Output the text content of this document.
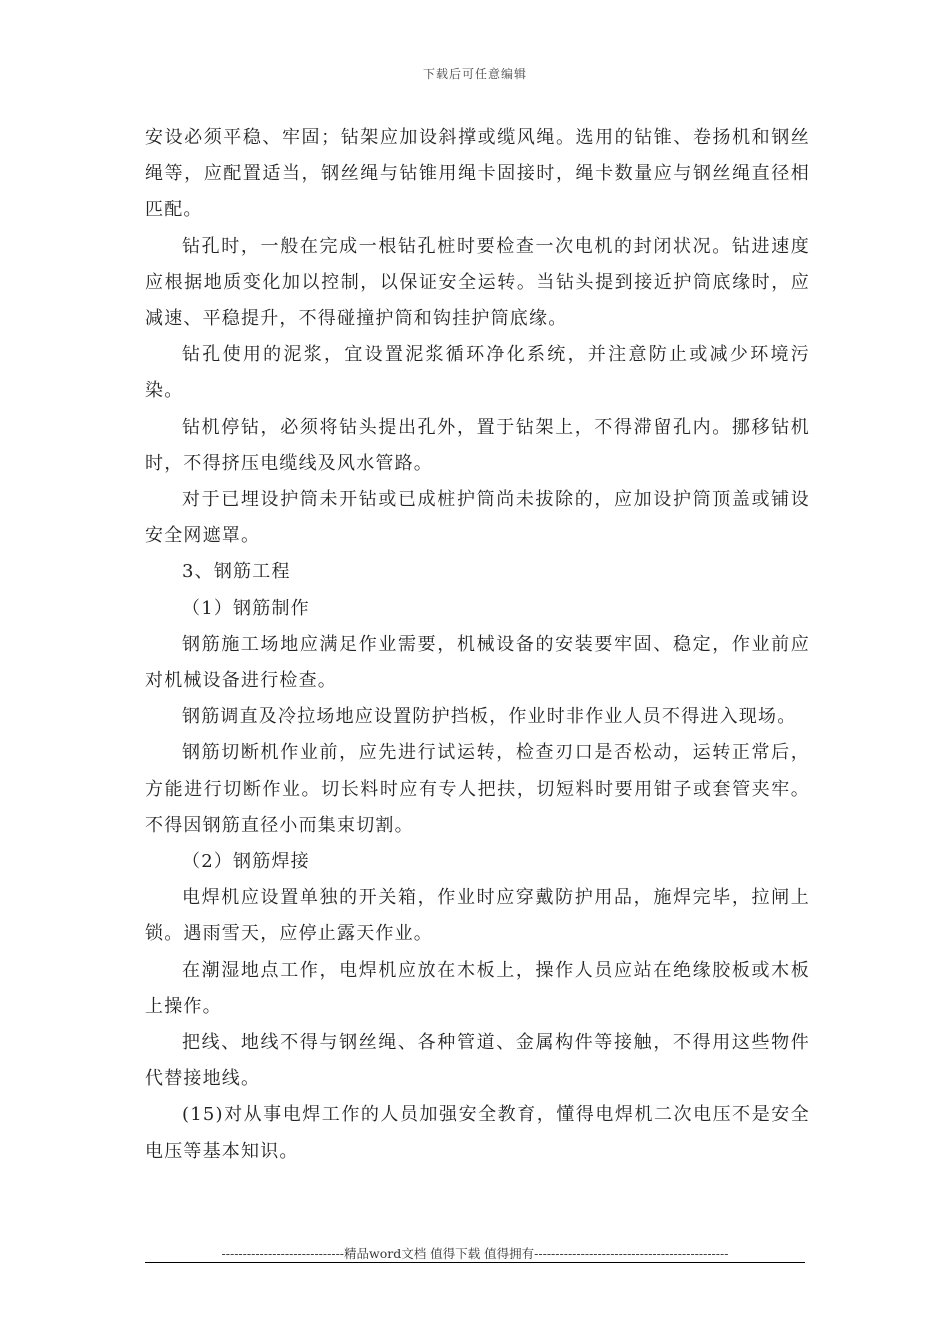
下载后可任意编辑

安设必须平稳、牢固；钻架应加设斜撑或缆风绳。选用的钻锥、卷扬机和钢丝绳等，应配置适当，钢丝绳与钻锥用绳卡固接时，绳卡数量应与钢丝绳直径相匹配。

钻孔时，一般在完成一根钻孔桩时要检查一次电机的封闭状况。钻进速度应根据地质变化加以控制，以保证安全运转。当钻头提到接近护筒底缘时，应减速、平稳提升，不得碰撞护筒和钩挂护筒底缘。

钻孔使用的泥浆，宜设置泥浆循环净化系统，并注意防止或减少环境污染。

钻机停钻，必须将钻头提出孔外，置于钻架上，不得滞留孔内。挪移钻机时，不得挤压电缆线及风水管路。

对于已埋设护筒未开钻或已成桩护筒尚未拔除的，应加设护筒顶盖或铺设安全网遮罩。

3、钢筋工程

（1）钢筋制作

钢筋施工场地应满足作业需要，机械设备的安装要牢固、稳定，作业前应对机械设备进行检查。

钢筋调直及冷拉场地应设置防护挡板，作业时非作业人员不得进入现场。

钢筋切断机作业前，应先进行试运转，检查刃口是否松动，运转正常后，方能进行切断作业。切长料时应有专人把扶，切短料时要用钳子或套管夹牢。不得因钢筋直径小而集束切割。

（2）钢筋焊接

电焊机应设置单独的开关箱，作业时应穿戴防护用品，施焊完毕，拉闸上锁。遇雨雪天，应停止露天作业。

在潮湿地点工作，电焊机应放在木板上，操作人员应站在绝缘胶板或木板上操作。

把线、地线不得与钢丝绳、各种管道、金属构件等接触，不得用这些物件代替接地线。

(15)对从事电焊工作的人员加强安全教育，懂得电焊机二次电压不是安全电压等基本知识。

-----------------------------精品word文档 值得下载 值得拥有----------------------------------------------
